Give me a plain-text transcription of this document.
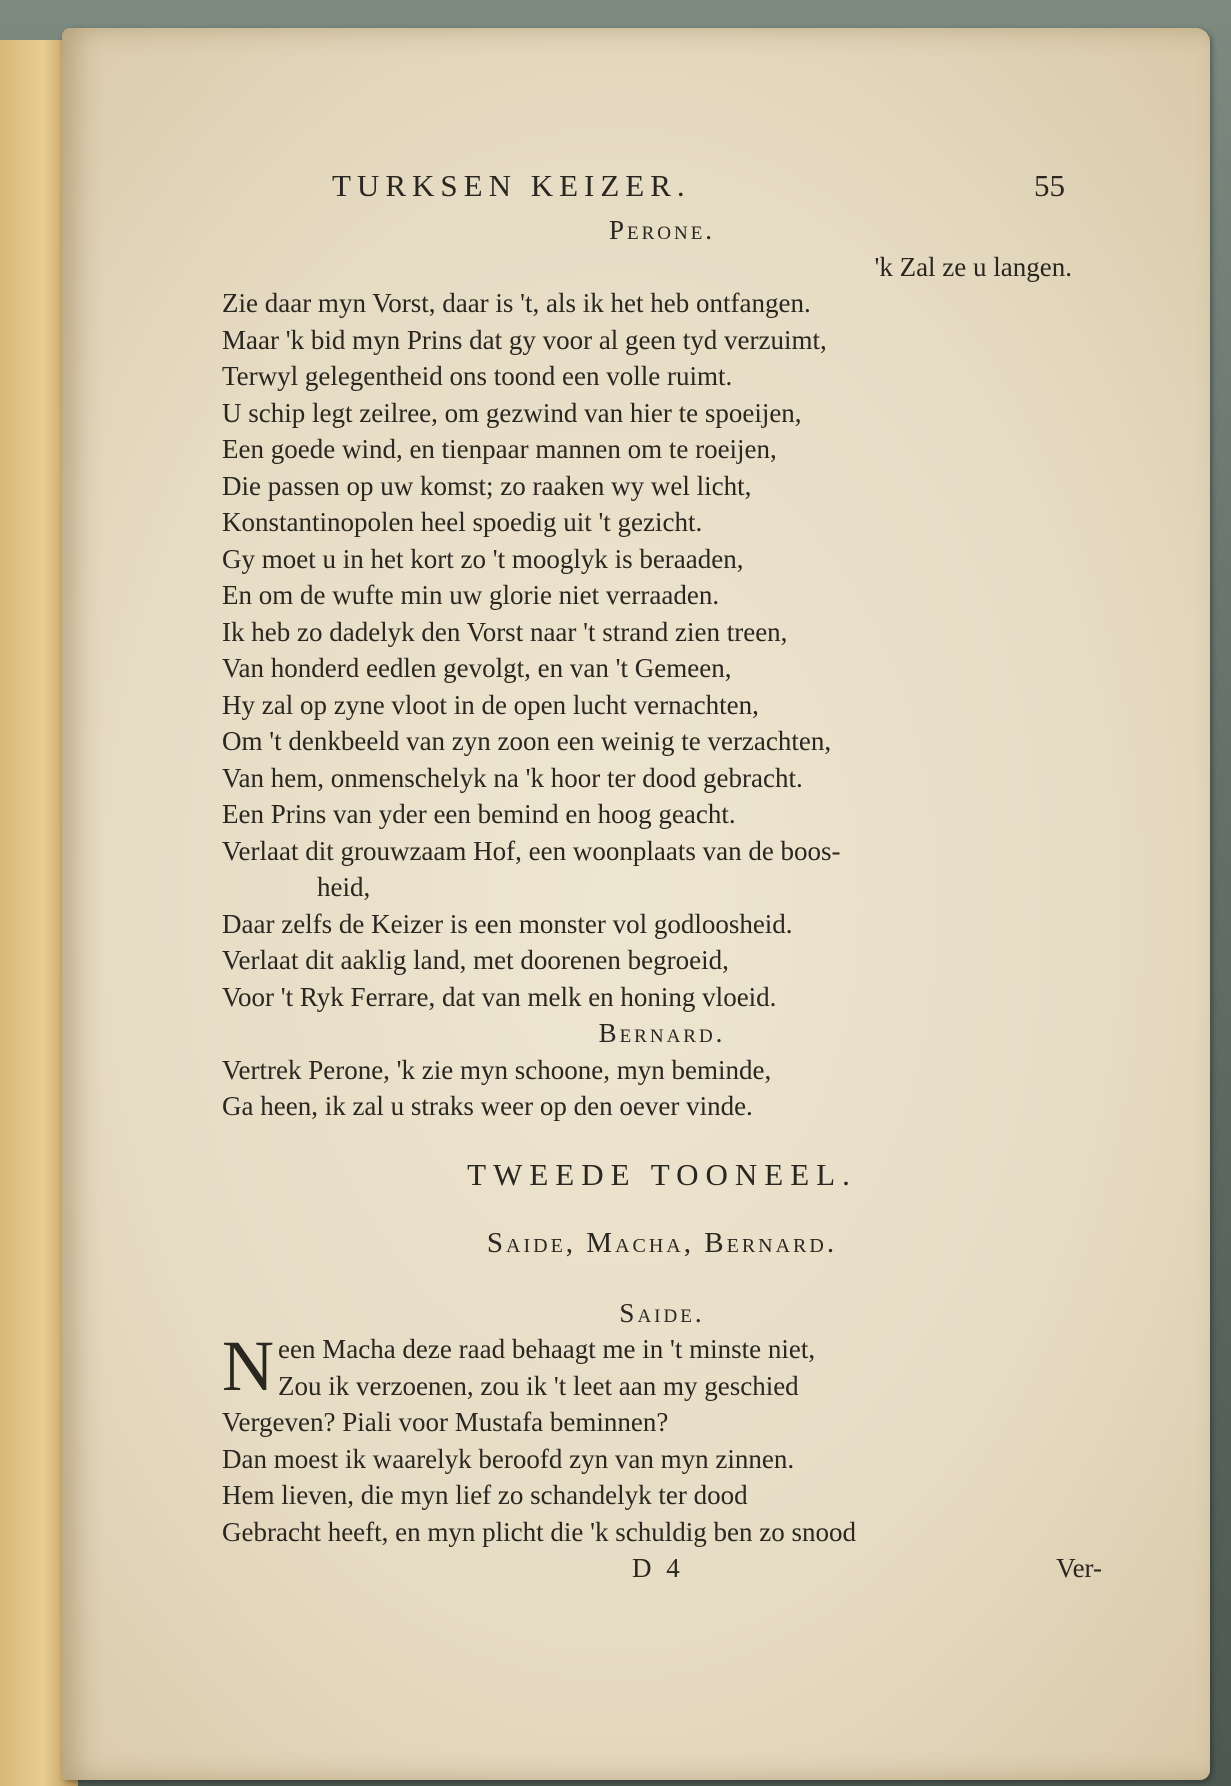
TURKSEN KEIZER.	55
Perone.
'k Zal ze u langen.
Zie daar myn Vorst, daar is 't, als ik het heb ontfangen.
Maar 'k bid myn Prins dat gy voor al geen tyd verzuimt,
Terwyl gelegentheid ons toond een volle ruimt.
U schip legt zeilree, om gezwind van hier te spoeijen,
Een goede wind, en tienpaar mannen om te roeijen,
Die passen op uw komst; zo raaken wy wel licht,
Konstantinopolen heel spoedig uit 't gezicht.
Gy moet u in het kort zo 't mooglyk is beraaden,
En om de wufte min uw glorie niet verraaden.
Ik heb zo dadelyk den Vorst naar 't strand zien treen,
Van honderd eedlen gevolgt, en van 't Gemeen,
Hy zal op zyne vloot in de open lucht vernachten,
Om 't denkbeeld van zyn zoon een weinig te verzachten,
Van hem, onmenschelyk na 'k hoor ter dood gebracht.
Een Prins van yder een bemind en hoog geacht.
Verlaat dit grouwzaam Hof, een woonplaats van de boos-
heid,
Daar zelfs de Keizer is een monster vol godloosheid.
Verlaat dit aaklig land, met doorenen begroeid,
Voor 't Ryk Ferrare, dat van melk en honing vloeid.
Bernard.
Vertrek Perone, 'k zie myn schoone, myn beminde,
Ga heen, ik zal u straks weer op den oever vinde.
TWEEDE TOONEEL.
Saide, Macha, Bernard.
Saide.
Neen Macha deze raad behaagt me in 't minste niet,
Zou ik verzoenen, zou ik 't leet aan my geschied
Vergeven? Piali voor Mustafa beminnen?
Dan moest ik waarelyk beroofd zyn van myn zinnen.
Hem lieven, die myn lief zo schandelyk ter dood
Gebracht heeft, en myn plicht die 'k schuldig ben zo snood
D 4	Ver-
